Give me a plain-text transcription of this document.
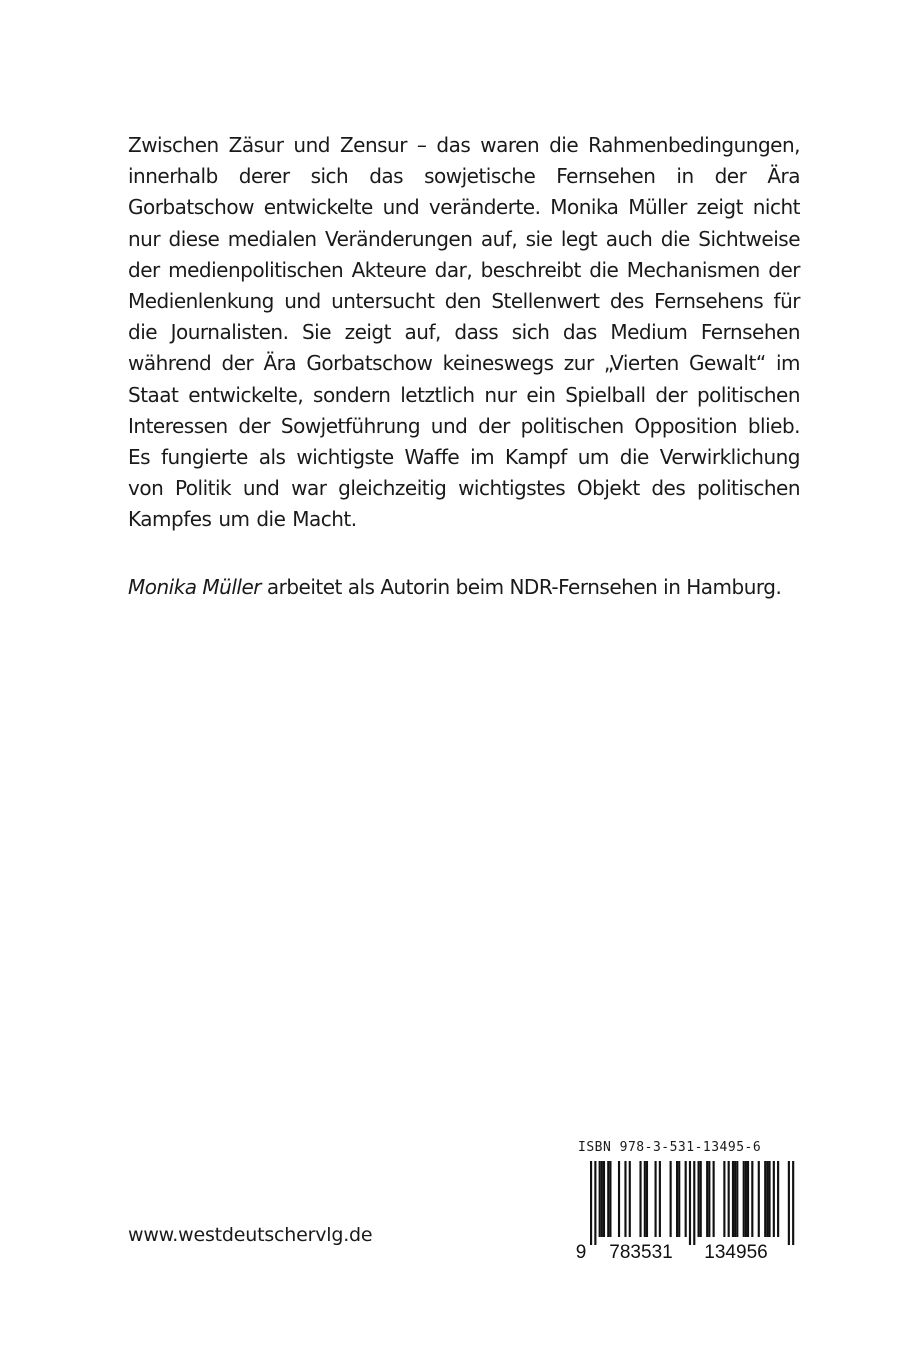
Zwischen Zäsur und Zensur – das waren die Rahmenbedingungen, innerhalb derer sich das sowjetische Fernsehen in der Ära Gorbatschow entwickelte und veränderte. Monika Müller zeigt nicht nur diese medialen Veränderungen auf, sie legt auch die Sichtweise der medienpolitischen Akteure dar, beschreibt die Mechanismen der Medienlenkung und untersucht den Stellenwert des Fernsehens für die Journalisten. Sie zeigt auf, dass sich das Medium Fernsehen während der Ära Gorbatschow keineswegs zur „Vierten Gewalt“ im Staat entwickelte, sondern letztlich nur ein Spielball der politischen Interessen der Sowjetführung und der politischen Opposition blieb. Es fungierte als wichtigste Waffe im Kampf um die Verwirklichung von Politik und war gleichzeitig wichtigstes Objekt des politischen Kampfes um die Macht.

Monika Müller arbeitet als Autorin beim NDR-Fernsehen in Hamburg.

www.westdeutschervlg.de

ISBN 978-3-531-13495-6
9 783531 134956
